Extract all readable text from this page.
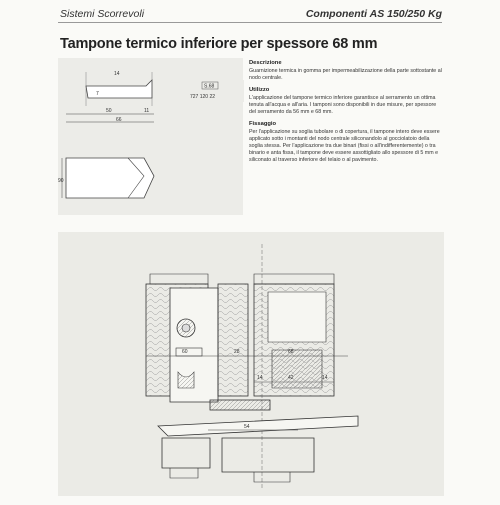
Sistemi Scorrevoli	Componenti AS 150/250 Kg
Tampone termico inferiore per spessore 68 mm
14
7
50	11
66
90
S.68
727 120 22
Descrizione

Guarnizione termica in gomma per impermeabilizzazione della parte sottostante al nodo centrale.

Utilizzo

L'applicazione del tampone termico inferiore garantisce al serramento un ottima tenuta all'acqua e all'aria. I tamponi sono disponibili in due misure, per spessore del serramento da 56 mm e 68 mm.

Fissaggio

Per l'applicazione su soglia tubolare o di copertura, il tampone intero deve essere applicato sotto i montanti del nodo centrale siliconandolo al gocciolatoio della soglia stessa. Per l'applicazione tra due binari (fissi o all'indifferentemente) o tra binario e anta fissa, il tampone deve essere assottigliato allo spessore di 5 mm e siliconato al traverso inferiore del telaio o al pavimento.

60	28	68
14	42	14
54
